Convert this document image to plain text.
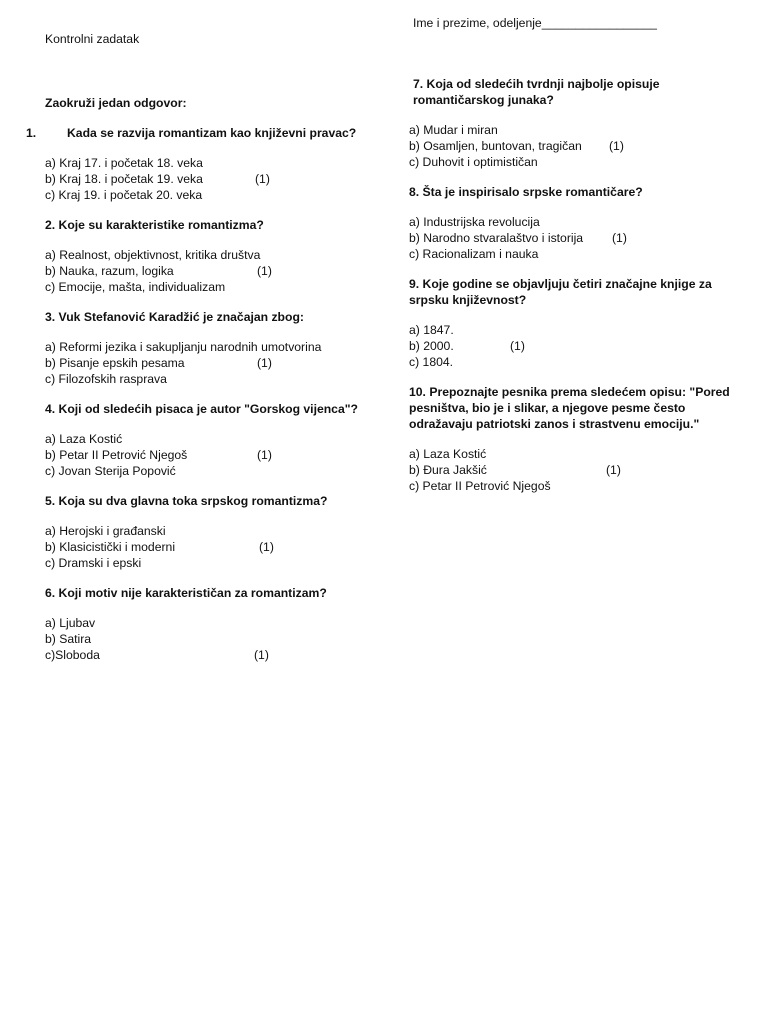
Ime i prezime, odeljenje_________________
Kontrolni zadatak
Zaokruži jedan odgovor:
1.	Kada se razvija romantizam kao književni pravac?
a) Kraj 17. i početak 18. veka
b) Kraj 18. i početak 19. veka	(1)
c) Kraj 19. i početak 20. veka
2. Koje su karakteristike romantizma?
a) Realnost, objektivnost, kritika društva
b) Nauka, razum, logika	(1)
c) Emocije, mašta, individualizam
3. Vuk Stefanović Karadžić je značajan zbog:
a) Reformi jezika i sakupljanju narodnih umotvorina
b) Pisanje epskih pesama	(1)
c) Filozofskih rasprava
4. Koji od sledećih pisaca je autor "Gorskog vijenca"?
a) Laza Kostić
b) Petar II Petrović Njegoš	(1)
c) Jovan Sterija Popović
5. Koja su dva glavna toka srpskog romantizma?
a) Herojski i građanski
b) Klasicistički i moderni	(1)
c) Dramski i epski
6. Koji motiv nije karakterističan za romantizam?
a) Ljubav
b) Satira
c)Sloboda	(1)
7. Koja od sledećih tvrdnji najbolje opisuje romantičarskog junaka?
a) Mudar i miran
b) Osamljen, buntovan, tragičan (1)
c) Duhovit i optimističan
8. Šta je inspirisalo srpske romantičare?
a) Industrijska revolucija
b) Narodno stvaralaštvo i istorija (1)
c) Racionalizam i nauka
9. Koje godine se objavljuju četiri značajne knjige za srpsku književnost?
a) 1847.
b) 2000.	(1)
c) 1804.
10. Prepoznajte pesnika prema sledećem opisu: "Pored pesništva, bio je i slikar, a njegove pesme često odražavaju patriotski zanos i strastvenu emociju."
a) Laza Kostić
b) Đura Jakšić	(1)
c) Petar II Petrović Njegoš
